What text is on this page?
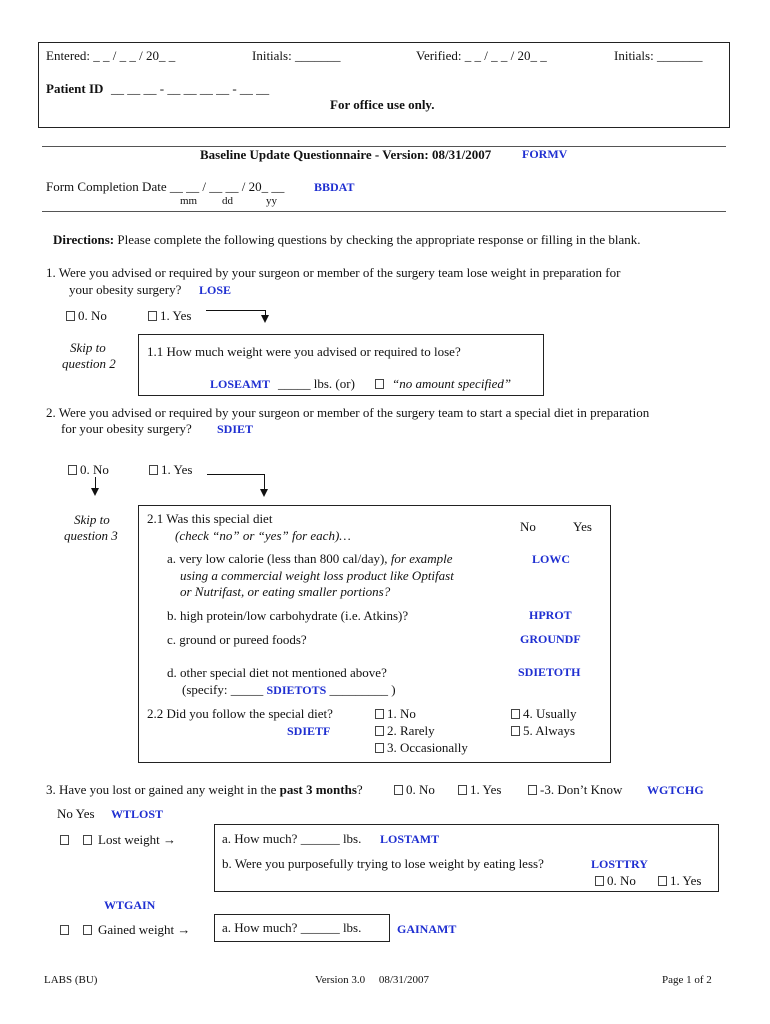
Entered: _ _ / _ _ / 20_ _	Initials: _______	Verified: _ _ / _ _ / 20_ _	Initials: _______
Patient ID __ __ __ - __ __ __ __ - __ __
For office use only.
Baseline Update Questionnaire - Version: 08/31/2007	FORMV
Form Completion Date __ __ / __ __ / 20_ __ BBDAT
mm dd	yy
Directions: Please complete the following questions by checking the appropriate response or filling in the blank.
1. Were you advised or required by your surgeon or member of the surgery team lose weight in preparation for
your obesity surgery? LOSE
0. No	1. Yes
Skip to
question 2
1.1 How much weight were you advised or required to lose?
LOSEAMT _____ lbs. (or)	“no amount specified”
2. Were you advised or required by your surgeon or member of the surgery team to start a special diet in preparation
for your obesity surgery? SDIET
0. No	1. Yes
Skip to
question 3
2.1 Was this special diet
(check “no” or “yes” for each)…
No	Yes
a. very low calorie (less than 800 cal/day), for example
using a commercial weight loss product like Optifast
or Nutrifast, or eating smaller portions?
LOWC
b. high protein/low carbohydrate (i.e. Atkins)?	HPROT
c. ground or pureed foods?	GROUNDF
d. other special diet not mentioned above?	SDIETOTH
(specify: _____ SDIETOTS _________ )
2.2 Did you follow the special diet?
SDIETF
1. No
2. Rarely
3. Occasionally
4. Usually
5. Always
3. Have you lost or gained any weight in the past 3 months?	0. No	1. Yes	-3. Don’t Know WGTCHG
No Yes WTLOST
Lost weight →	a. How much? ______ lbs. LOSTAMT
b. Were you purposefully trying to lose weight by eating less?	LOSTTRY
0. No	1. Yes
WTGAIN
Gained weight → a. How much? ______ lbs.	GAINAMT
LABS (BU)	Version 3.0     08/31/2007	Page 1 of 2
